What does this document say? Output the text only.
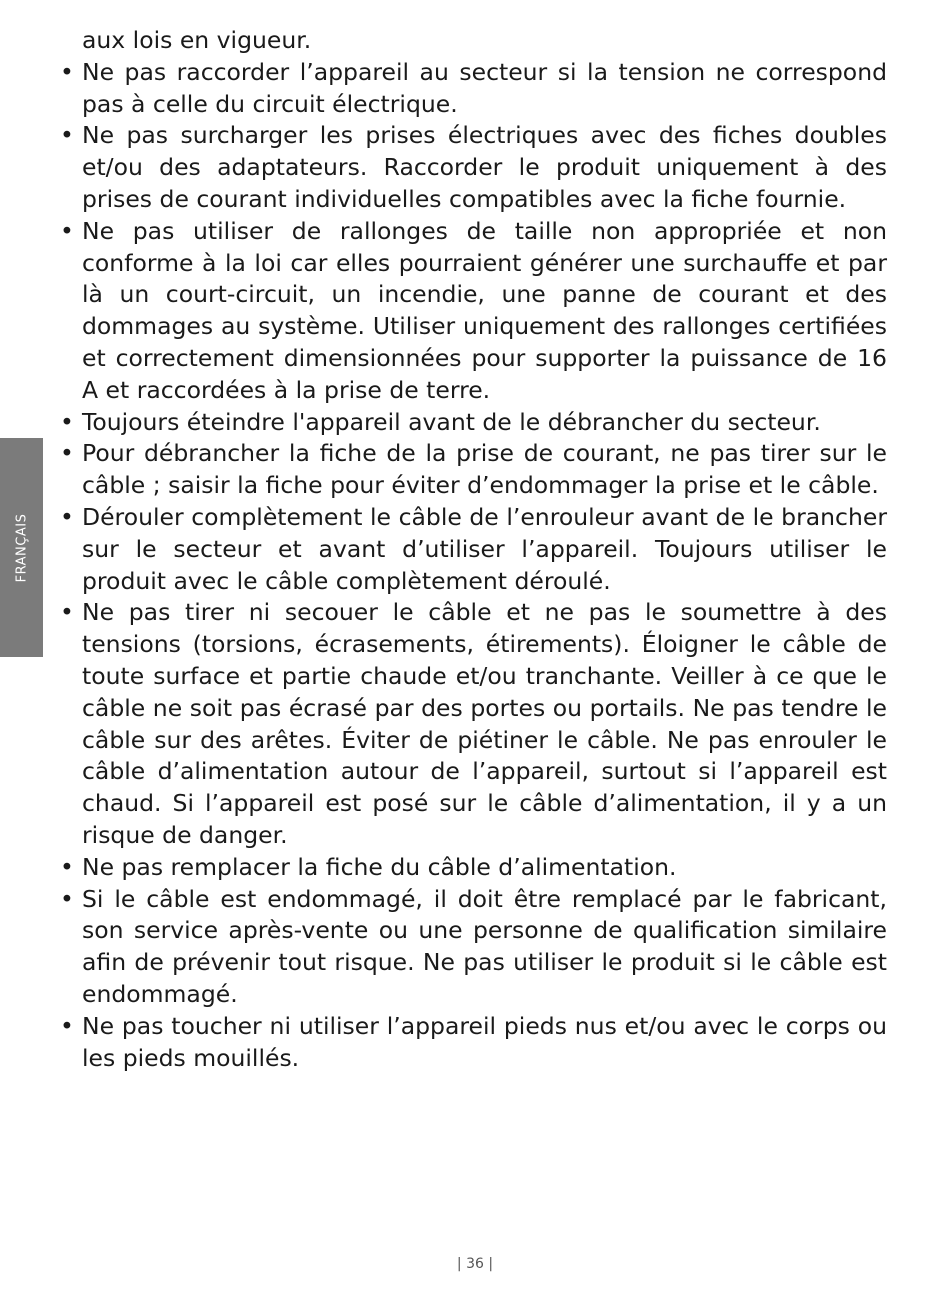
FRANÇAIS

aux lois en vigueur.

• Ne pas raccorder l’appareil au secteur si la tension ne correspond pas à celle du circuit électrique.
• Ne pas surcharger les prises électriques avec des fiches doubles et/ou des adaptateurs. Raccorder le produit uniquement à des prises de courant individuelles compatibles avec la fiche fournie.
• Ne pas utiliser de rallonges de taille non appropriée et non conforme à la loi car elles pourraient générer une surchauffe et par là un court-circuit, un incendie, une panne de courant et des dommages au système. Utiliser uniquement des rallonges certifiées et correctement dimensionnées pour supporter la puissance de 16 A et raccordées à la prise de terre.
• Toujours éteindre l'appareil avant de le débrancher du secteur.
• Pour débrancher la fiche de la prise de courant, ne pas tirer sur le câble ; saisir la fiche pour éviter d’endommager la prise et le câble.
• Dérouler complètement le câble de l’enrouleur avant de le brancher sur le secteur et avant d’utiliser l’appareil. Toujours utiliser le produit avec le câble complètement déroulé.
• Ne pas tirer ni secouer le câble et ne pas le soumettre à des tensions (torsions, écrasements, étirements). Éloigner le câble de toute surface et partie chaude et/ou tranchante. Veiller à ce que le câble ne soit pas écrasé par des portes ou portails. Ne pas tendre le câble sur des arêtes. Éviter de piétiner le câble. Ne pas enrouler le câble d’alimentation autour de l’appareil, surtout si l’appareil est chaud. Si l’appareil est posé sur le câble d’alimentation, il y a un risque de danger.
• Ne pas remplacer la fiche du câble d’alimentation.
• Si le câble est endommagé, il doit être remplacé par le fabricant, son service après-vente ou une personne de qualification similaire afin de prévenir tout risque. Ne pas utiliser le produit si le câble est endommagé.
• Ne pas toucher ni utiliser l’appareil pieds nus et/ou avec le corps ou les pieds mouillés.
| 36 |
